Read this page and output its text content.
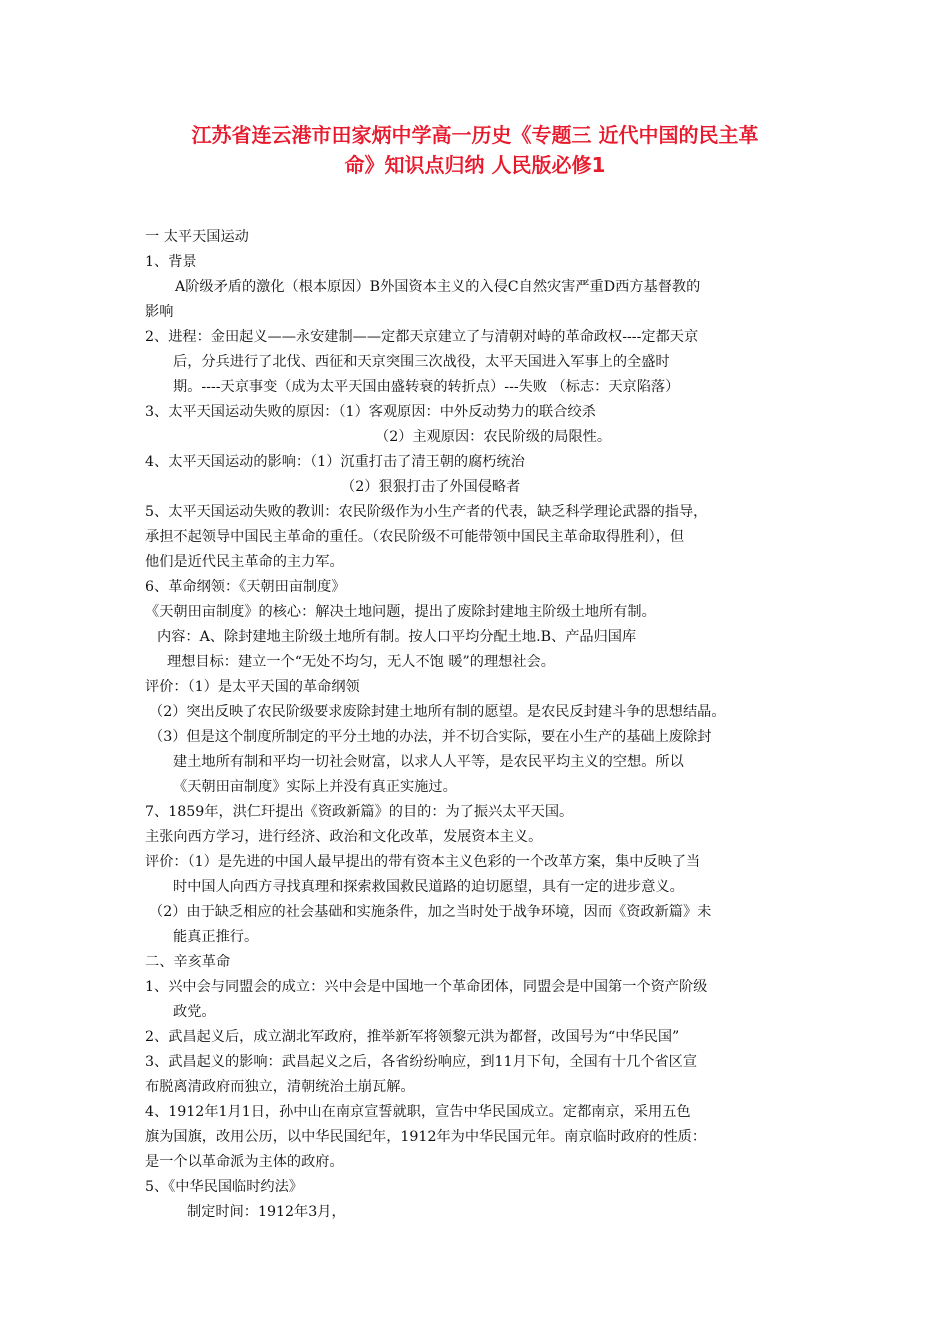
江苏省连云港市田家炳中学高一历史《专题三 近代中国的民主革
命》知识点归纳 人民版必修1
一 太平天国运动
1、背景
A阶级矛盾的激化（根本原因）B外国资本主义的入侵C自然灾害严重D西方基督教的
影响
2、进程：金田起义——永安建制——定都天京建立了与清朝对峙的革命政权----定都天京
后，分兵进行了北伐、西征和天京突围三次战役，太平天国进入军事上的全盛时
期。----天京事变（成为太平天国由盛转衰的转折点）---失败 （标志：天京陷落）
3、太平天国运动失败的原因：（1）客观原因：中外反动势力的联合绞杀
（2）主观原因：农民阶级的局限性。
4、太平天国运动的影响：（1）沉重打击了清王朝的腐朽统治
（2）狠狠打击了外国侵略者
5、太平天国运动失败的教训：农民阶级作为小生产者的代表，缺乏科学理论武器的指导，
承担不起领导中国民主革命的重任。（农民阶级不可能带领中国民主革命取得胜利），但
他们是近代民主革命的主力军。
6、革命纲领：《天朝田亩制度》
《天朝田亩制度》的核心：解决土地问题，提出了废除封建地主阶级土地所有制。
内容：A、除封建地主阶级土地所有制。按人口平均分配土地.B、产品归国库
理想目标：建立一个“无处不均匀，无人不饱 暖”的理想社会。
评价：（1）是太平天国的革命纲领
（2）突出反映了农民阶级要求废除封建土地所有制的愿望。是农民反封建斗争的思想结晶。
（3）但是这个制度所制定的平分土地的办法，并不切合实际，要在小生产的基础上废除封
建土地所有制和平均一切社会财富，以求人人平等，是农民平均主义的空想。所以
《天朝田亩制度》实际上并没有真正实施过。
7、1859年，洪仁玕提出《资政新篇》的目的：为了振兴太平天国。
主张向西方学习，进行经济、政治和文化改革，发展资本主义。
评价：（1）是先进的中国人最早提出的带有资本主义色彩的一个改革方案，集中反映了当
时中国人向西方寻找真理和探索救国救民道路的迫切愿望，具有一定的进步意义。
（2）由于缺乏相应的社会基础和实施条件，加之当时处于战争环境，因而《资政新篇》未
能真正推行。
二、辛亥革命
1、兴中会与同盟会的成立：兴中会是中国地一个革命团体，同盟会是中国第一个资产阶级
政党。
2、武昌起义后，成立湖北军政府，推举新军将领黎元洪为都督，改国号为“中华民国”
3、武昌起义的影响：武昌起义之后，各省纷纷响应，到11月下旬，全国有十几个省区宣
布脱离清政府而独立，清朝统治土崩瓦解。
4、1912年1月1日，孙中山在南京宣誓就职，宣告中华民国成立。定都南京，采用五色
旗为国旗，改用公历，以中华民国纪年，1912年为中华民国元年。南京临时政府的性质：
是一个以革命派为主体的政府。
5、《中华民国临时约法》
制定时间：1912年3月，
